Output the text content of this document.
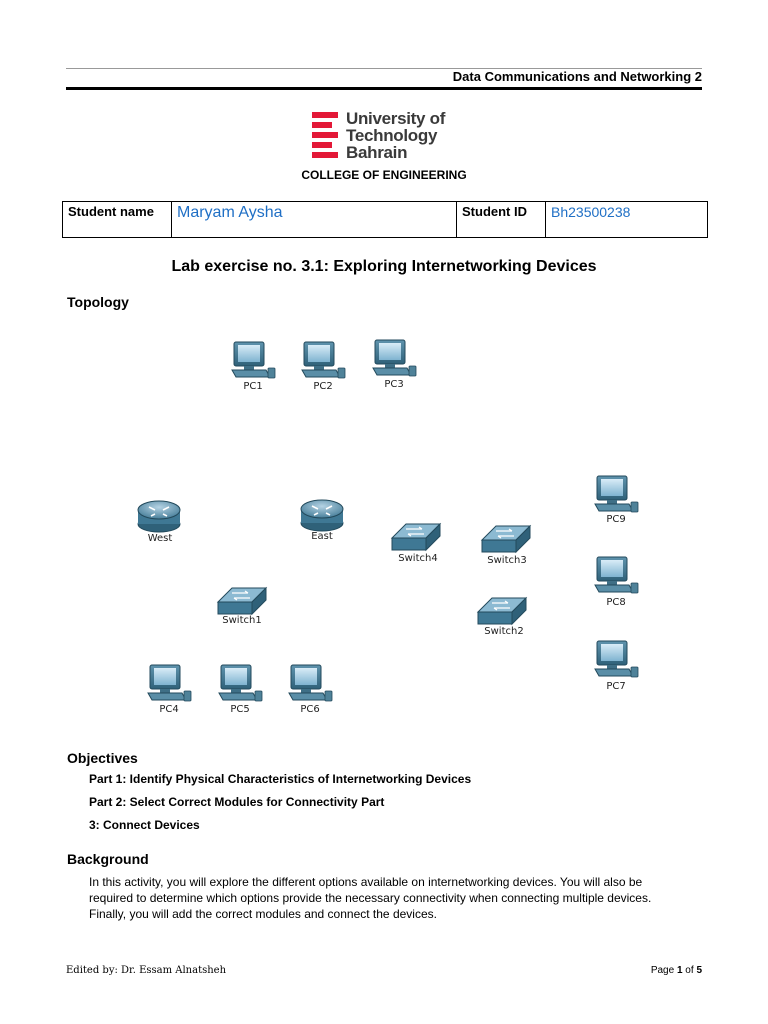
Data Communications and Networking 2
University of
Technology
Bahrain
COLLEGE OF ENGINEERING
Student name	Maryam Aysha	Student ID	Bh23500238
Lab exercise no. 3.1: Exploring Internetworking Devices
Topology
PC1	PC2	PC3
West	East
Switch4	Switch3
PC9
PC8
Switch1
Switch2
PC7
PC4	PC5	PC6
Objectives
Part 1: Identify Physical Characteristics of Internetworking Devices
Part 2: Select Correct Modules for Connectivity Part
3: Connect Devices
Background
In this activity, you will explore the different options available on internetworking devices. You will also be
required to determine which options provide the necessary connectivity when connecting multiple devices.
Finally, you will add the correct modules and connect the devices.
Edited by: Dr. Essam Alnatsheh	Page 1 of 5
